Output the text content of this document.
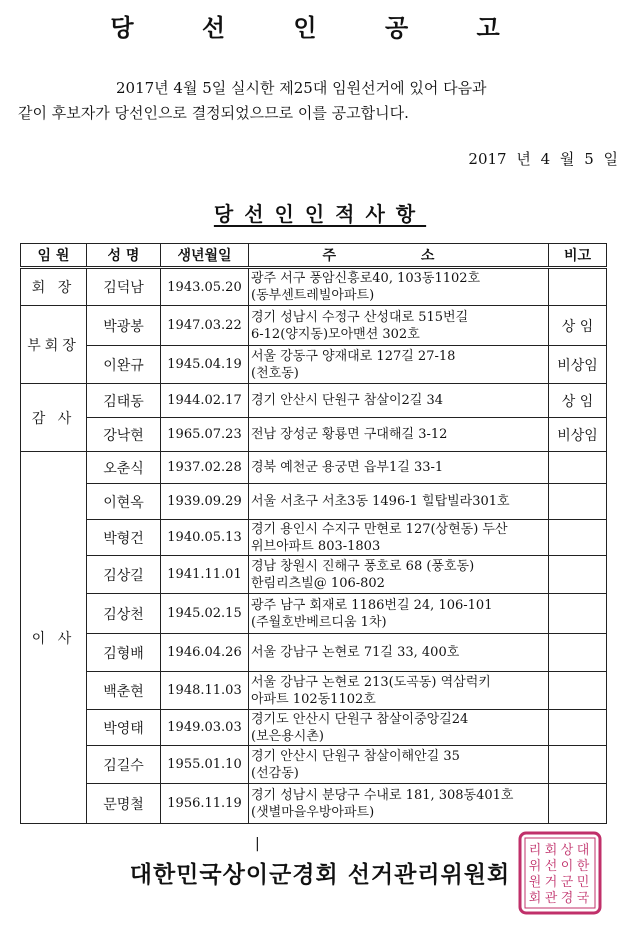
당 선 인 공 고
2017년 4월 5일 실시한 제25대 임원선거에 있어 다음과
같이 후보자가 당선인으로 결정되었으므로 이를 공고합니다.
2017 년 4 월 5 일
당선인인적사항
임 원	성 명	생년월일	주 소	비고
회 장	김덕남	1943.05.20	광주 서구 풍암신흥로40, 103동1102호
(동부센트레빌아파트)	

부회장	박광봉	1947.03.22	경기 성남시 수정구 산성대로 515번길
6-12(양지동)모아맨션 302호	상 임
	이완규	1945.04.19	서울 강동구 양재대로 127길 27-18
(천호동)	비상임
감 사	김태동	1944.02.17	경기 안산시 단원구 참살이2길 34	상 임
	강낙현	1965.07.23	전남 장성군 황룡면 구대해길 3-12	비상임
이 사	오춘식	1937.02.28	경북 예천군 용궁면 읍부1길 33-1	

	이현옥	1939.09.29	서울 서초구 서초3동 1496-1 힐탑빌라301호	

	박형건	1940.05.13	경기 용인시 수지구 만현로 127(상현동) 두산
위브아파트 803-1803	

	김상길	1941.11.01	경남 창원시 진해구 풍호로 68 (풍호동)
한림리츠빌@ 106-802	

	김상천	1945.02.15	광주 남구 회재로 1186번길 24, 106-101
(주월호반베르디움 1차)	

	김형배	1946.04.26	서울 강남구 논현로 71길 33, 400호	

	백춘현	1948.11.03	서울 강남구 논현로 213(도곡동) 역삼럭키
아파트 102동1102호	

	박영태	1949.03.03	경기도 안산시 단원구 참살이중앙길24
(보은용시촌)	

	김길수	1955.01.10	경기 안산시 단원구 참살이해안길 35
(선감동)	

	문명철	1956.11.19	경기 성남시 분당구 수내로 181, 308동401호
(샛별마을우방아파트)	

|
대한민국상이군경회 선거관리위원회
대
한
민
국
상
이
군
경
회
선
거
관
리
위
원
회
